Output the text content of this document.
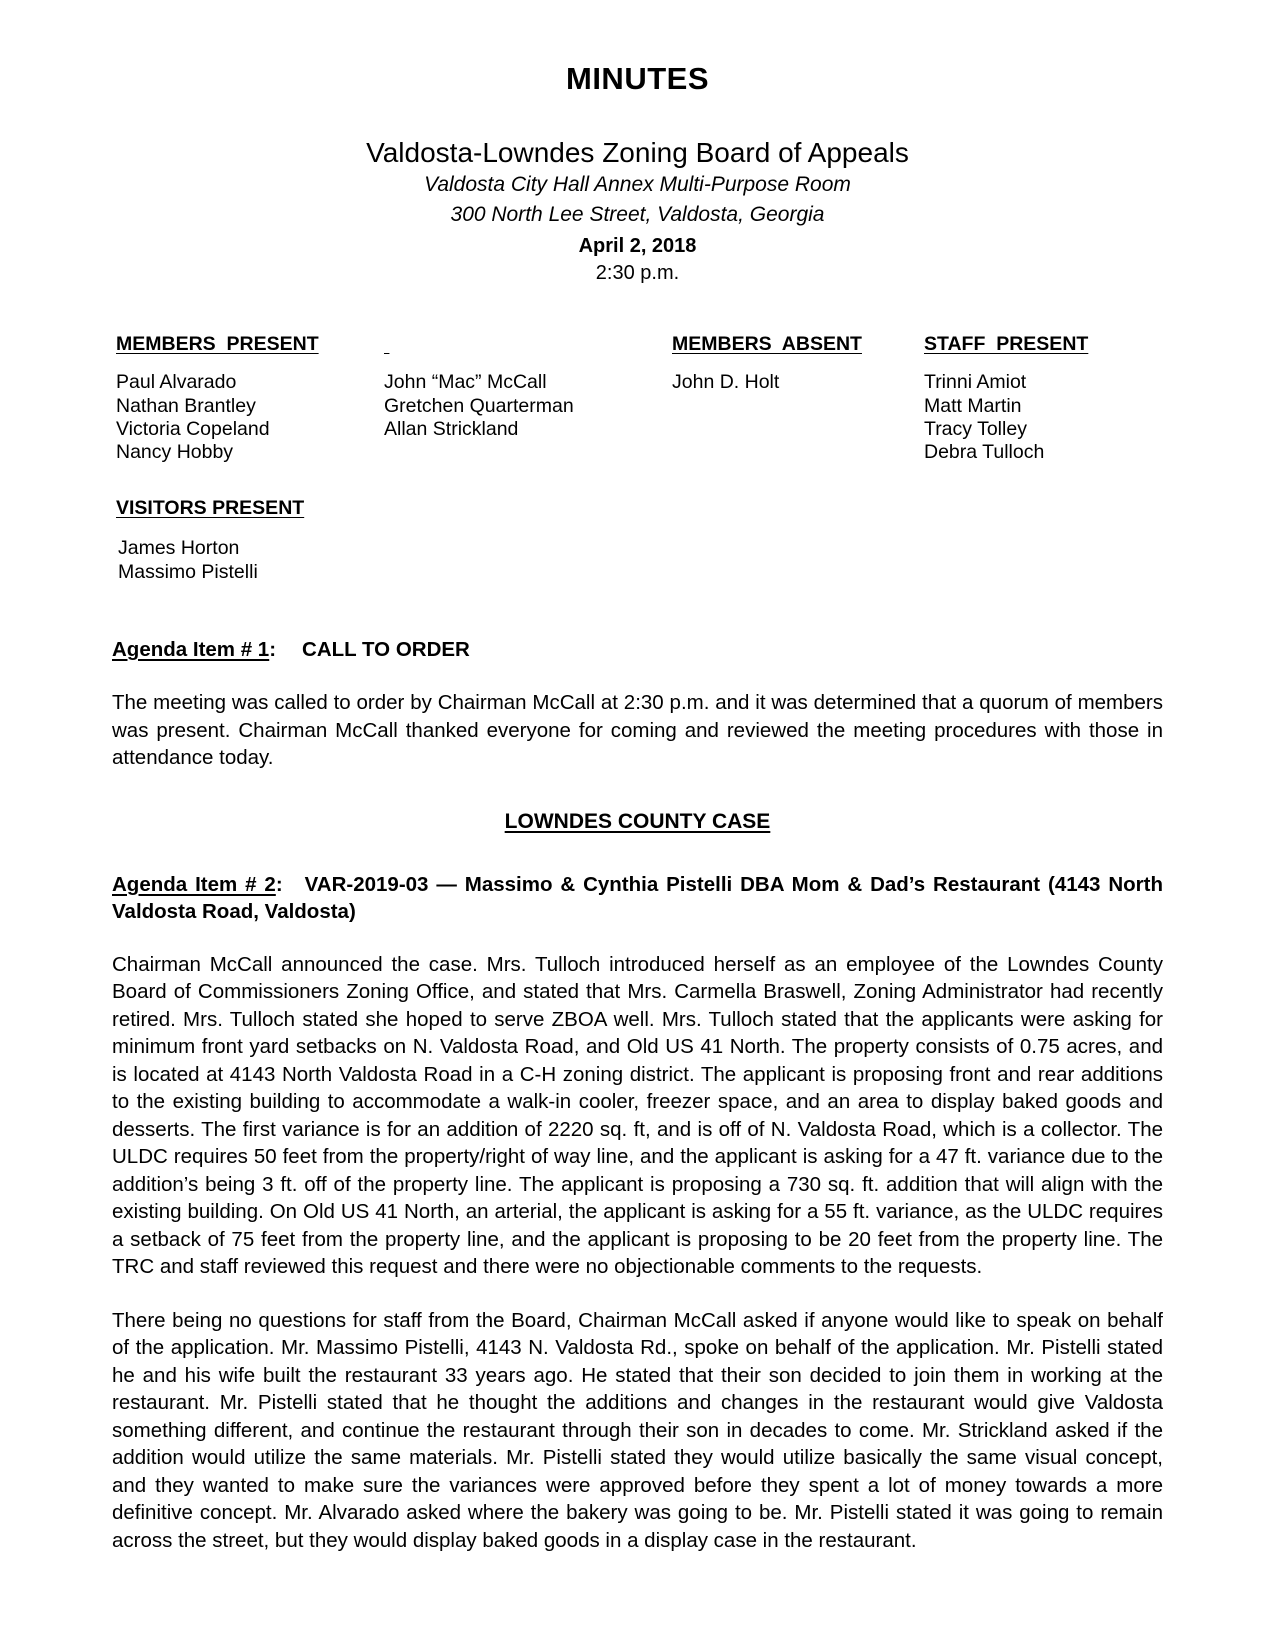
MINUTES
Valdosta-Lowndes Zoning Board of Appeals
Valdosta City Hall Annex Multi-Purpose Room
300 North Lee Street, Valdosta, Georgia
April 2, 2018
2:30 p.m.
MEMBERS  PRESENT
Paul Alvarado
Nathan Brantley
Victoria Copeland
Nancy Hobby

John “Mac” McCall
Gretchen Quarterman
Allan Strickland
MEMBERS  ABSENT
John D. Holt
STAFF  PRESENT
Trinni Amiot
Matt Martin
Tracy Tolley
Debra Tulloch
VISITORS PRESENT
James Horton
Massimo Pistelli
Agenda Item # 1: CALL TO ORDER

The meeting was called to order by Chairman McCall at 2:30 p.m. and it was determined that a quorum of members was present. Chairman McCall thanked everyone for coming and reviewed the meeting procedures with those in attendance today.

LOWNDES COUNTY CASE
Agenda Item # 2: VAR-2019-03 — Massimo & Cynthia Pistelli DBA Mom & Dad’s Restaurant (4143 North Valdosta Road, Valdosta)

Chairman McCall announced the case. Mrs. Tulloch introduced herself as an employee of the Lowndes County Board of Commissioners Zoning Office, and stated that Mrs. Carmella Braswell, Zoning Administrator had recently retired. Mrs. Tulloch stated she hoped to serve ZBOA well. Mrs. Tulloch stated that the applicants were asking for minimum front yard setbacks on N. Valdosta Road, and Old US 41 North. The property consists of 0.75 acres, and is located at 4143 North Valdosta Road in a C-H zoning district. The applicant is proposing front and rear additions to the existing building to accommodate a walk-in cooler, freezer space, and an area to display baked goods and desserts. The first variance is for an addition of 2220 sq. ft, and is off of N. Valdosta Road, which is a collector. The ULDC requires 50 feet from the property/right of way line, and the applicant is asking for a 47 ft. variance due to the addition’s being 3 ft. off of the property line. The applicant is proposing a 730 sq. ft. addition that will align with the existing building. On Old US 41 North, an arterial, the applicant is asking for a 55 ft. variance, as the ULDC requires a setback of 75 feet from the property line, and the applicant is proposing to be 20 feet from the property line. The TRC and staff reviewed this request and there were no objectionable comments to the requests.

There being no questions for staff from the Board, Chairman McCall asked if anyone would like to speak on behalf of the application. Mr. Massimo Pistelli, 4143 N. Valdosta Rd., spoke on behalf of the application. Mr. Pistelli stated he and his wife built the restaurant 33 years ago. He stated that their son decided to join them in working at the restaurant. Mr. Pistelli stated that he thought the additions and changes in the restaurant would give Valdosta something different, and continue the restaurant through their son in decades to come. Mr. Strickland asked if the addition would utilize the same materials. Mr. Pistelli stated they would utilize basically the same visual concept, and they wanted to make sure the variances were approved before they spent a lot of money towards a more definitive concept. Mr. Alvarado asked where the bakery was going to be. Mr. Pistelli stated it was going to remain across the street, but they would display baked goods in a display case in the restaurant.
